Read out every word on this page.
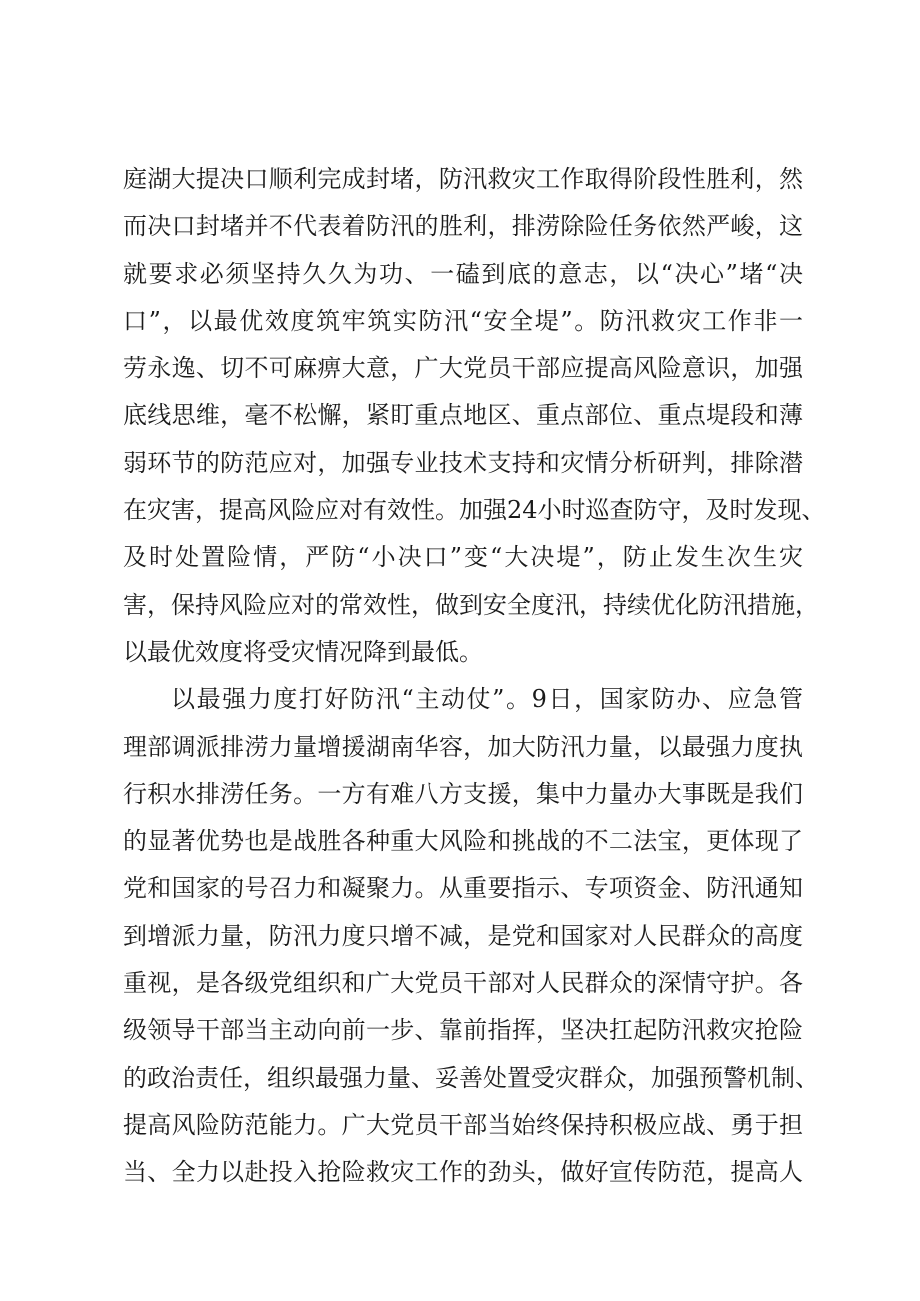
庭湖大提决口顺利完成封堵，防汛救灾工作取得阶段性胜利，然
而决口封堵并不代表着防汛的胜利，排涝除险任务依然严峻，这
就要求必须坚持久久为功、一磕到底的意志，以“决心”堵“决
口”，以最优效度筑牢筑实防汛“安全堤”。防汛救灾工作非一
劳永逸、切不可麻痹大意，广大党员干部应提高风险意识，加强
底线思维，毫不松懈，紧盯重点地区、重点部位、重点堤段和薄
弱环节的防范应对，加强专业技术支持和灾情分析研判，排除潜
在灾害，提高风险应对有效性。加强24小时巡查防守，及时发现、
及时处置险情，严防“小决口”变“大决堤”，防止发生次生灾
害，保持风险应对的常效性，做到安全度汛，持续优化防汛措施，
以最优效度将受灾情况降到最低。
以最强力度打好防汛“主动仗”。9日，国家防办、应急管
理部调派排涝力量增援湖南华容，加大防汛力量，以最强力度执
行积水排涝任务。一方有难八方支援，集中力量办大事既是我们
的显著优势也是战胜各种重大风险和挑战的不二法宝，更体现了
党和国家的号召力和凝聚力。从重要指示、专项资金、防汛通知
到增派力量，防汛力度只增不减，是党和国家对人民群众的高度
重视，是各级党组织和广大党员干部对人民群众的深情守护。各
级领导干部当主动向前一步、靠前指挥，坚决扛起防汛救灾抢险
的政治责任，组织最强力量、妥善处置受灾群众，加强预警机制、
提高风险防范能力。广大党员干部当始终保持积极应战、勇于担
当、全力以赴投入抢险救灾工作的劲头，做好宣传防范，提高人
